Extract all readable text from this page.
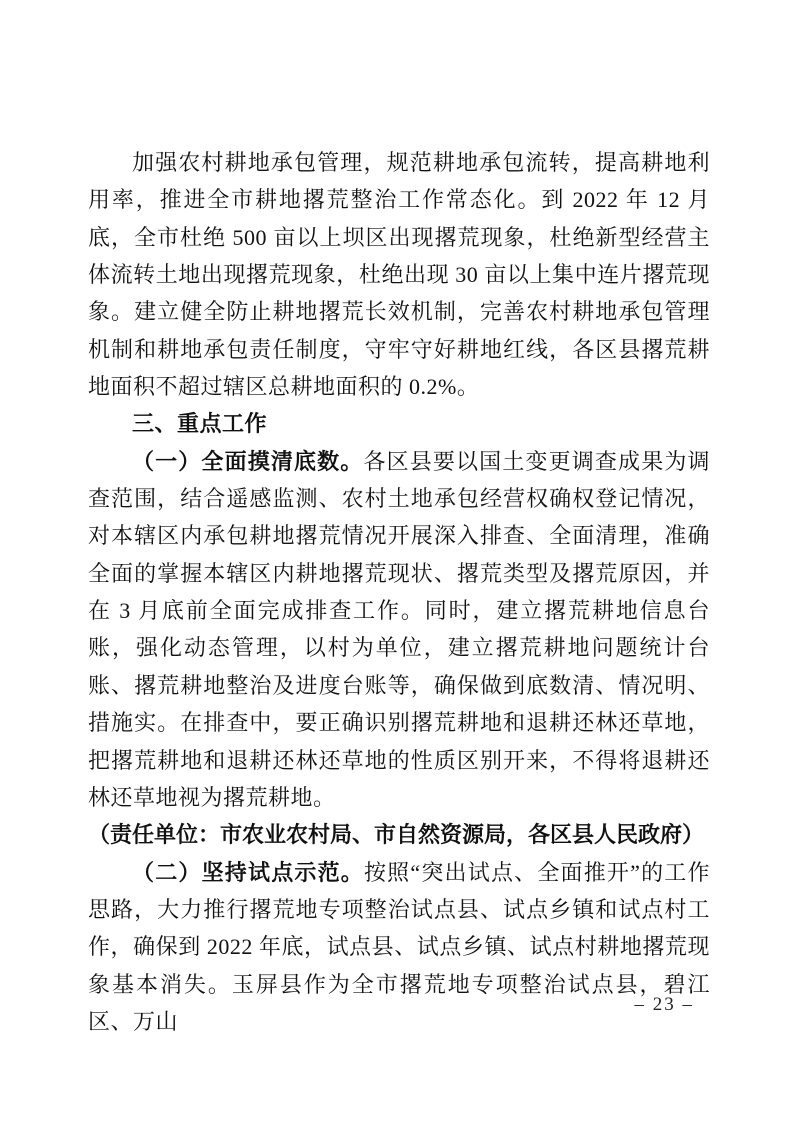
加强农村耕地承包管理，规范耕地承包流转，提高耕地利用率，推进全市耕地撂荒整治工作常态化。到 2022 年 12 月底，全市杜绝 500 亩以上坝区出现撂荒现象，杜绝新型经营主体流转土地出现撂荒现象，杜绝出现 30 亩以上集中连片撂荒现象。建立健全防止耕地撂荒长效机制，完善农村耕地承包管理机制和耕地承包责任制度，守牢守好耕地红线，各区县撂荒耕地面积不超过辖区总耕地面积的 0.2%。

三、重点工作

（一）全面摸清底数。各区县要以国土变更调查成果为调查范围，结合遥感监测、农村土地承包经营权确权登记情况，对本辖区内承包耕地撂荒情况开展深入排查、全面清理，准确全面的掌握本辖区内耕地撂荒现状、撂荒类型及撂荒原因，并在 3 月底前全面完成排查工作。同时，建立撂荒耕地信息台账，强化动态管理，以村为单位，建立撂荒耕地问题统计台账、撂荒耕地整治及进度台账等，确保做到底数清、情况明、措施实。在排查中，要正确识别撂荒耕地和退耕还林还草地，把撂荒耕地和退耕还林还草地的性质区别开来，不得将退耕还林还草地视为撂荒耕地。

（责任单位：市农业农村局、市自然资源局，各区县人民政府）

（二）坚持试点示范。按照“突出试点、全面推开”的工作思路，大力推行撂荒地专项整治试点县、试点乡镇和试点村工作，确保到 2022 年底，试点县、试点乡镇、试点村耕地撂荒现象基本消失。玉屏县作为全市撂荒地专项整治试点县，碧江区、万山

– 23 –
